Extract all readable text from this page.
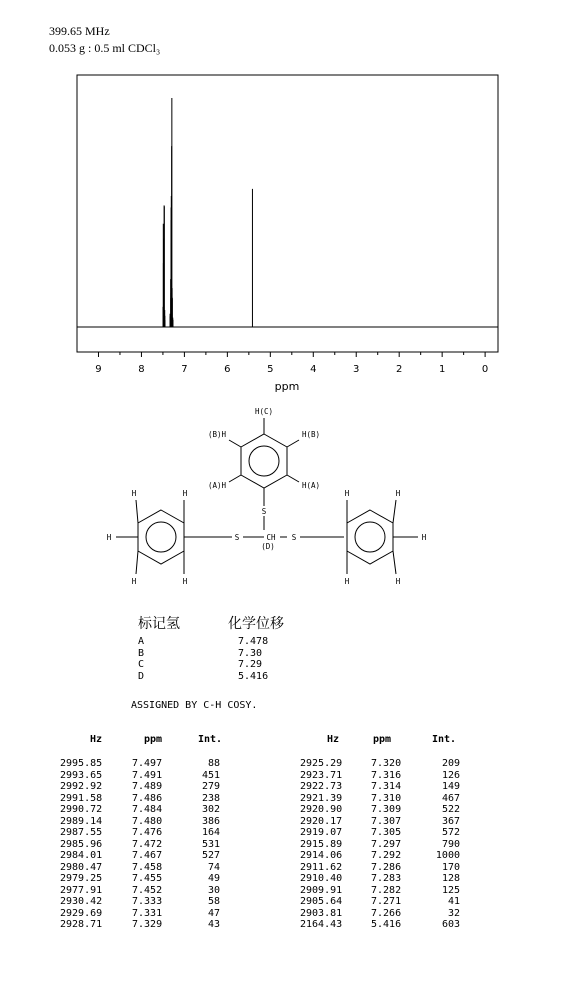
399.65 MHz
0.053 g : 0.5 ml CDCl₃
9	8	7	6	5	4	3	2	1	0
ppm
H(C)
(B)H	H(B)
(A)H	H(A)
S
S	CH
(D)
S
H	H
H
H	H
H	H
H
H	H
标记氢	化学位移
A	7.478
B	7.30
C	7.29
D	5.416
ASSIGNED BY C-H COSY.
Hz	ppm	Int.
2995.85	7.497	88
2993.65	7.491	451
2992.92	7.489	279
2991.58	7.486	238
2990.72	7.484	302
2989.14	7.480	386
2987.55	7.476	164
2985.96	7.472	531
2984.01	7.467	527
2980.47	7.458	74
2979.25	7.455	49
2977.91	7.452	30
2930.42	7.333	58
2929.69	7.331	47
2928.71	7.329	43
Hz	ppm	Int.
2925.29	7.320	209
2923.71	7.316	126
2922.73	7.314	149
2921.39	7.310	467
2920.90	7.309	522
2920.17	7.307	367
2919.07	7.305	572
2915.89	7.297	790
2914.06	7.292	1000
2911.62	7.286	170
2910.40	7.283	128
2909.91	7.282	125
2905.64	7.271	41
2903.81	7.266	32
2164.43	5.416	603
